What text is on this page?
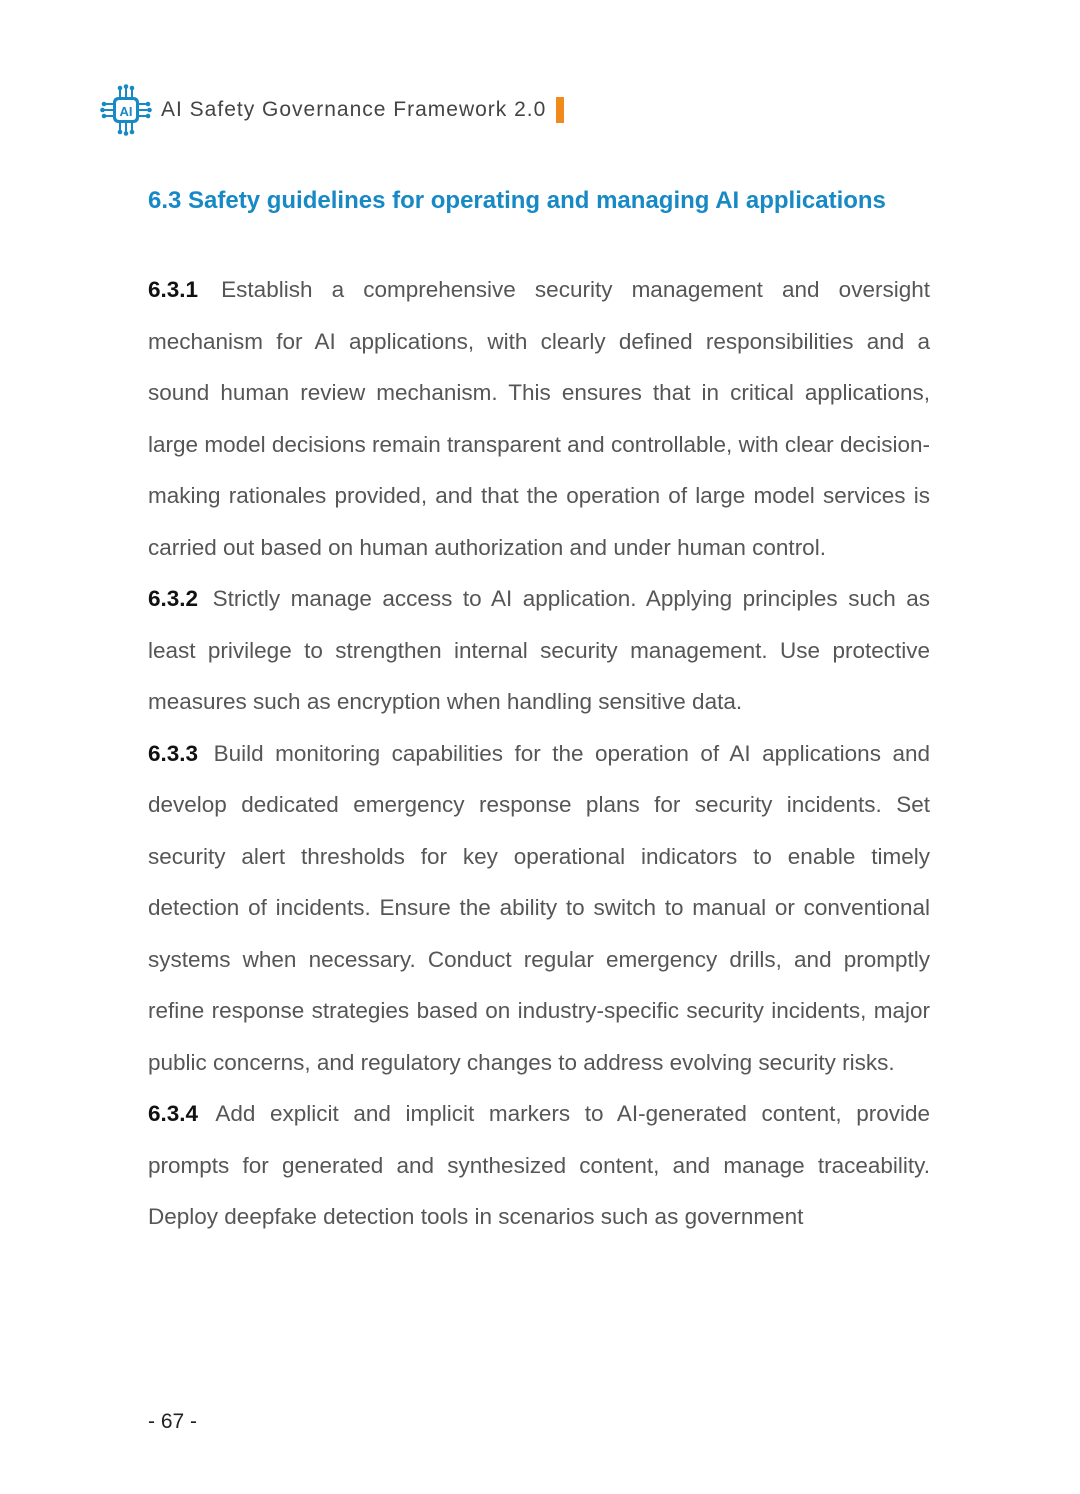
AI AI Safety Governance Framework 2.0
6.3 Safety guidelines for operating and managing AI applications

6.3.1 Establish a comprehensive security management and oversight mechanism for AI applications, with clearly defined responsibilities and a sound human review mechanism. This ensures that in critical applications, large model decisions remain transparent and controllable, with clear decision-making rationales provided, and that the operation of large model services is carried out based on human authorization and under human control.

6.3.2 Strictly manage access to AI application. Applying principles such as least privilege to strengthen internal security management. Use protective measures such as encryption when handling sensitive data.

6.3.3 Build monitoring capabilities for the operation of AI applications and develop dedicated emergency response plans for security incidents. Set security alert thresholds for key operational indicators to enable timely detection of incidents. Ensure the ability to switch to manual or conventional systems when necessary. Conduct regular emergency drills, and promptly refine response strategies based on industry-specific security incidents, major public concerns, and regulatory changes to address evolving security risks.

6.3.4 Add explicit and implicit markers to AI-generated content, provide prompts for generated and synthesized content, and manage traceability. Deploy deepfake detection tools in scenarios such as government

- 67 -
